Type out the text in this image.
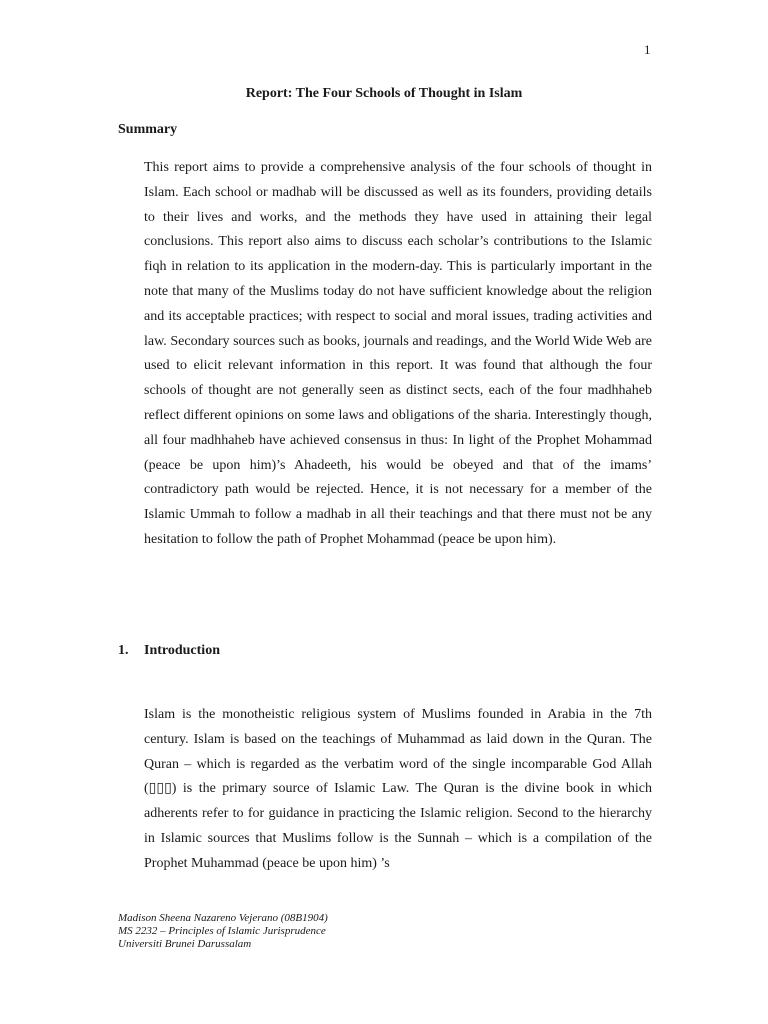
1
Report: The Four Schools of Thought in Islam
Summary

This report aims to provide a comprehensive analysis of the four schools of thought in Islam. Each school or madhab will be discussed as well as its founders, providing details to their lives and works, and the methods they have used in attaining their legal conclusions. This report also aims to discuss each scholar’s contributions to the Islamic fiqh in relation to its application in the modern-day. This is particularly important in the note that many of the Muslims today do not have sufficient knowledge about the religion and its acceptable practices; with respect to social and moral issues, trading activities and law. Secondary sources such as books, journals and readings, and the World Wide Web are used to elicit relevant information in this report. It was found that although the four schools of thought are not generally seen as distinct sects, each of the four madhhaheb reflect different opinions on some laws and obligations of the sharia. Interestingly though, all four madhhaheb have achieved consensus in thus: In light of the Prophet Mohammad (peace be upon him)’s Ahadeeth, his would be obeyed and that of the imams’ contradictory path would be rejected. Hence, it is not necessary for a member of the Islamic Ummah to follow a madhab in all their teachings and that there must not be any hesitation to follow the path of Prophet Mohammad (peace be upon him).

1. Introduction

Islam is the monotheistic religious system of Muslims founded in Arabia in the 7th century. Islam is based on the teachings of Muhammad as laid down in the Quran. The Quran – which is regarded as the verbatim word of the single incomparable God Allah (▯▯▯) is the primary source of Islamic Law. The Quran is the divine book in which adherents refer to for guidance in practicing the Islamic religion. Second to the hierarchy in Islamic sources that Muslims follow is the Sunnah – which is a compilation of the Prophet Muhammad (peace be upon him) ’s

Madison Sheena Nazareno Vejerano (08B1904)
MS 2232 – Principles of Islamic Jurisprudence
Universiti Brunei Darussalam
